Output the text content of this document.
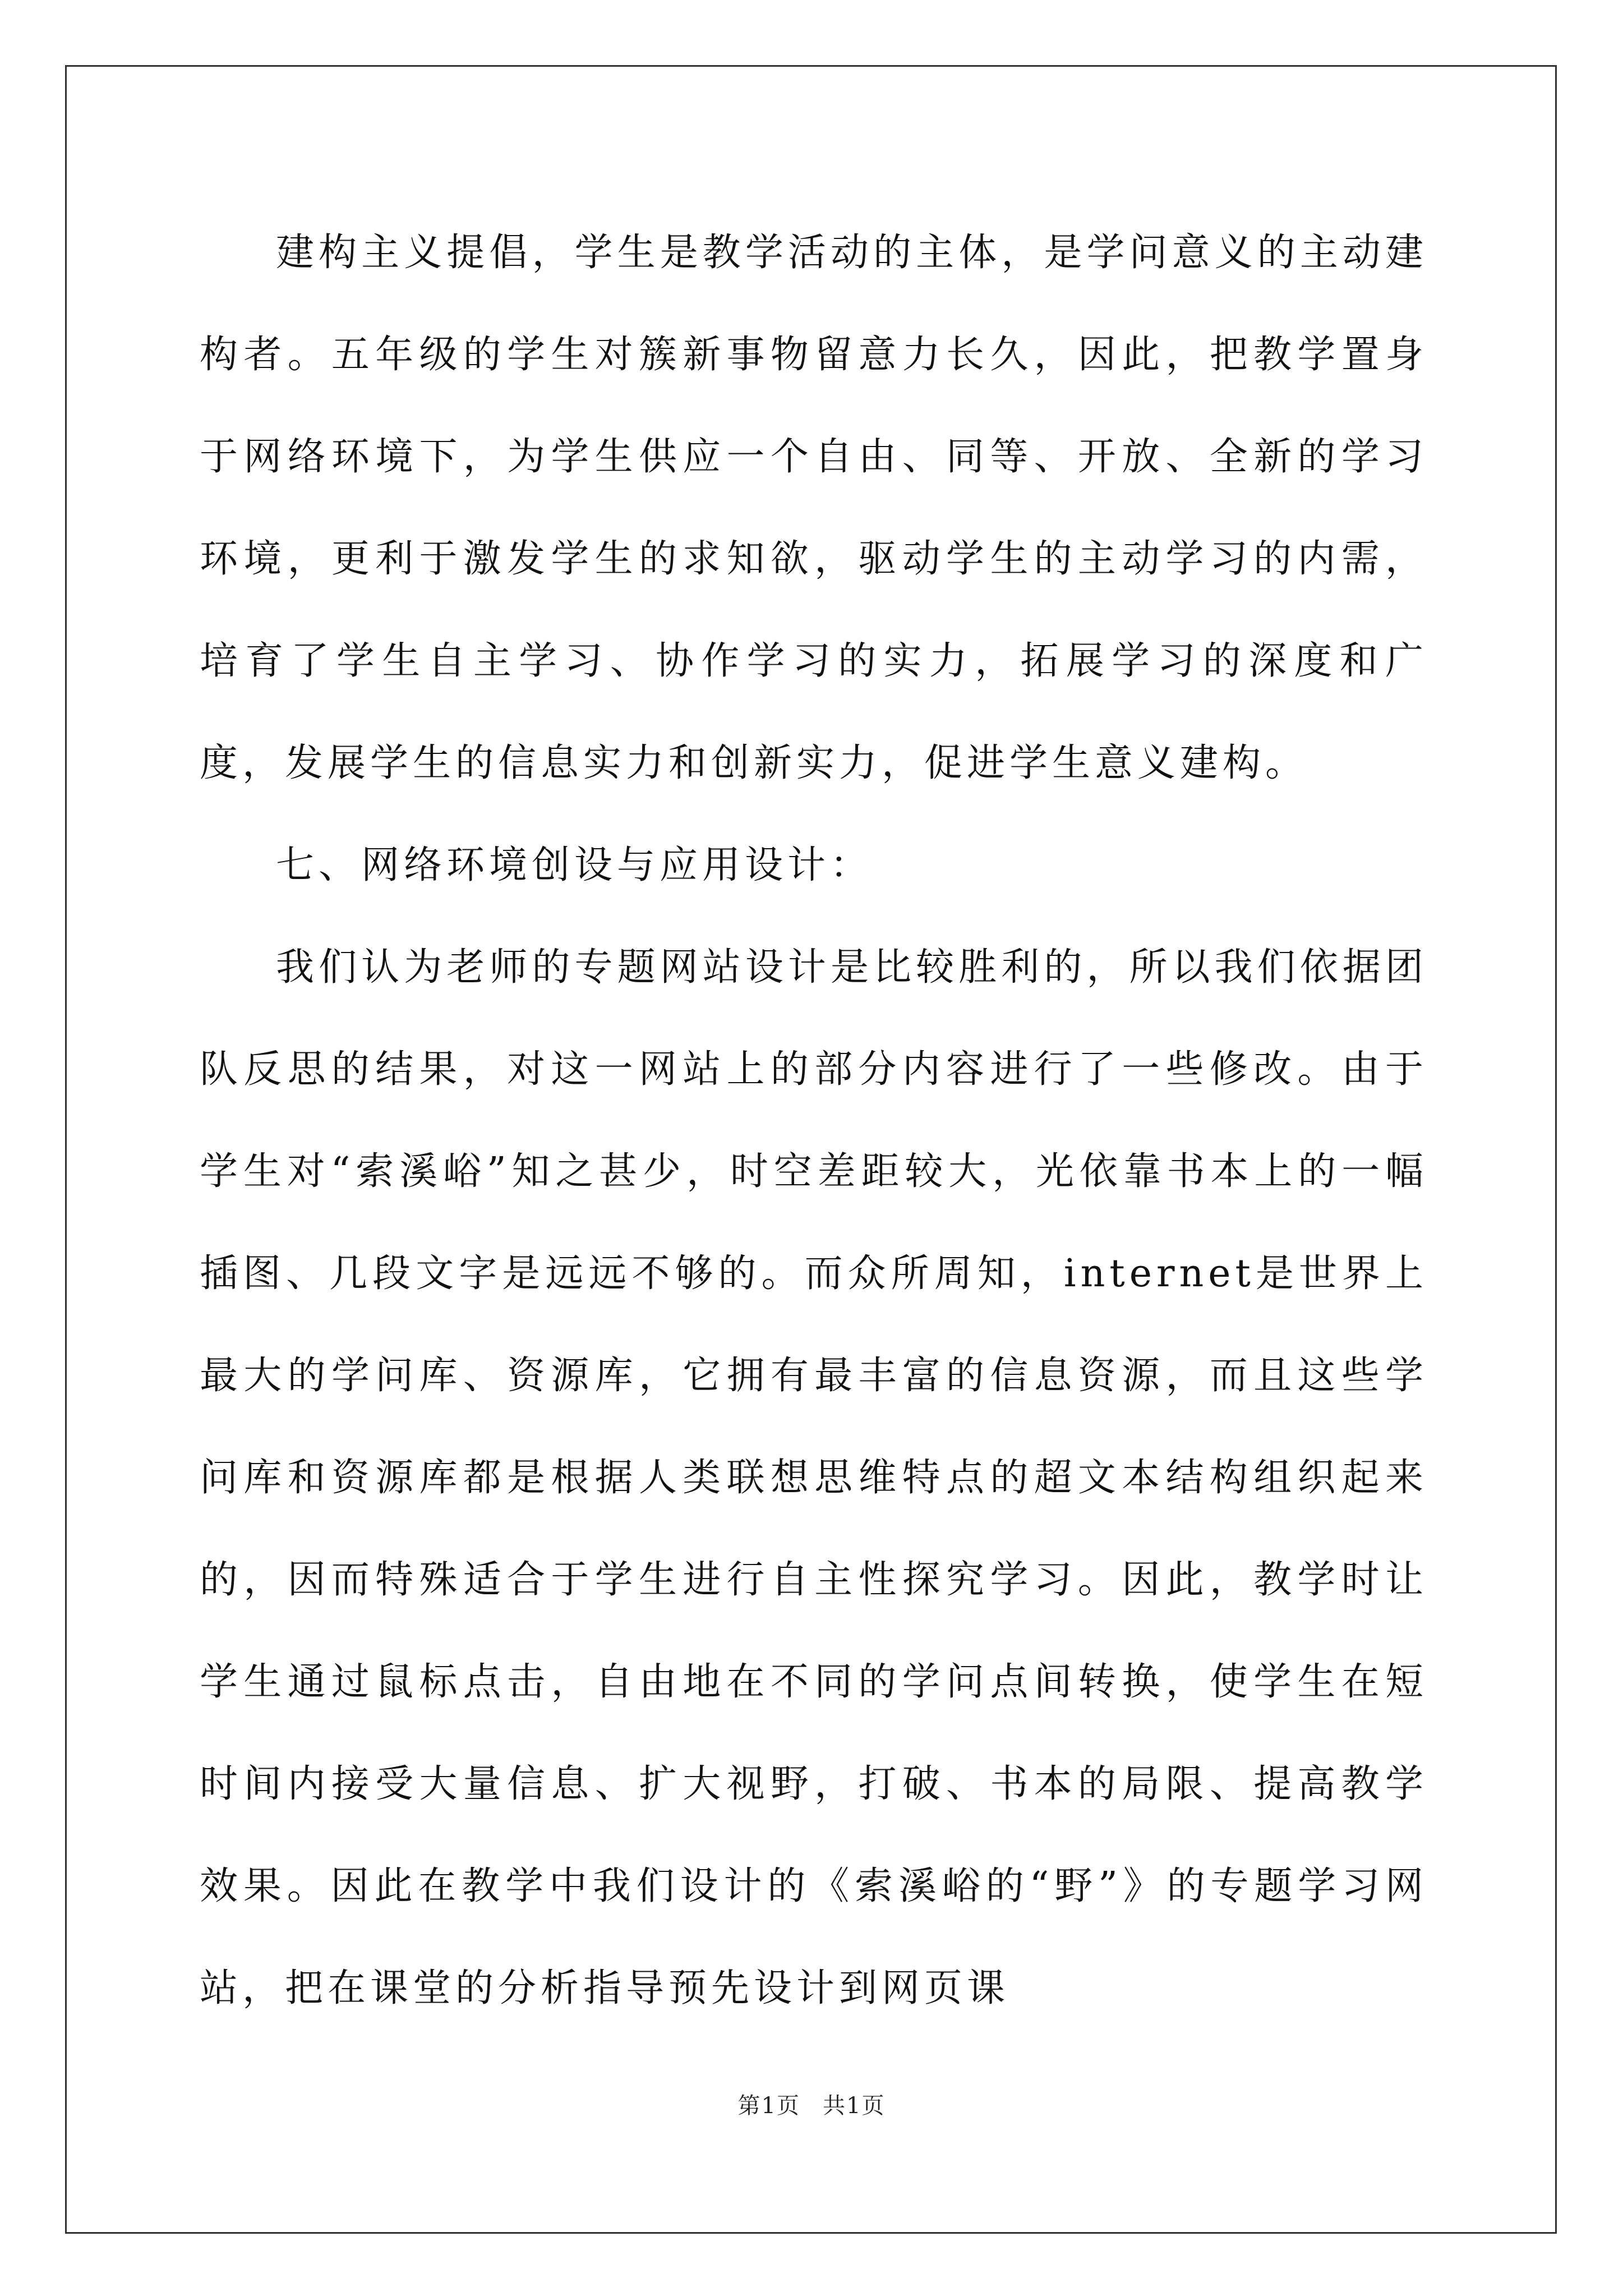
建构主义提倡，学生是教学活动的主体，是学问意义的主动建构者。五年级的学生对簇新事物留意力长久，因此，把教学置身于网络环境下，为学生供应一个自由、同等、开放、全新的学习环境，更利于激发学生的求知欲，驱动学生的主动学习的内需，培育了学生自主学习、协作学习的实力，拓展学习的深度和广度，发展学生的信息实力和创新实力，促进学生意义建构。

七、网络环境创设与应用设计：

我们认为老师的专题网站设计是比较胜利的，所以我们依据团队反思的结果，对这一网站上的部分内容进行了一些修改。由于学生对“索溪峪”知之甚少，时空差距较大，光依靠书本上的一幅插图、几段文字是远远不够的。而众所周知，internet是世界上最大的学问库、资源库，它拥有最丰富的信息资源，而且这些学问库和资源库都是根据人类联想思维特点的超文本结构组织起来的，因而特殊适合于学生进行自主性探究学习。因此，教学时让学生通过鼠标点击，自由地在不同的学问点间转换，使学生在短时间内接受大量信息、扩大视野，打破、书本的局限、提高教学效果。因此在教学中我们设计的《索溪峪的“野”》的专题学习网站，把在课堂的分析指导预先设计到网页课

第1页 共1页
